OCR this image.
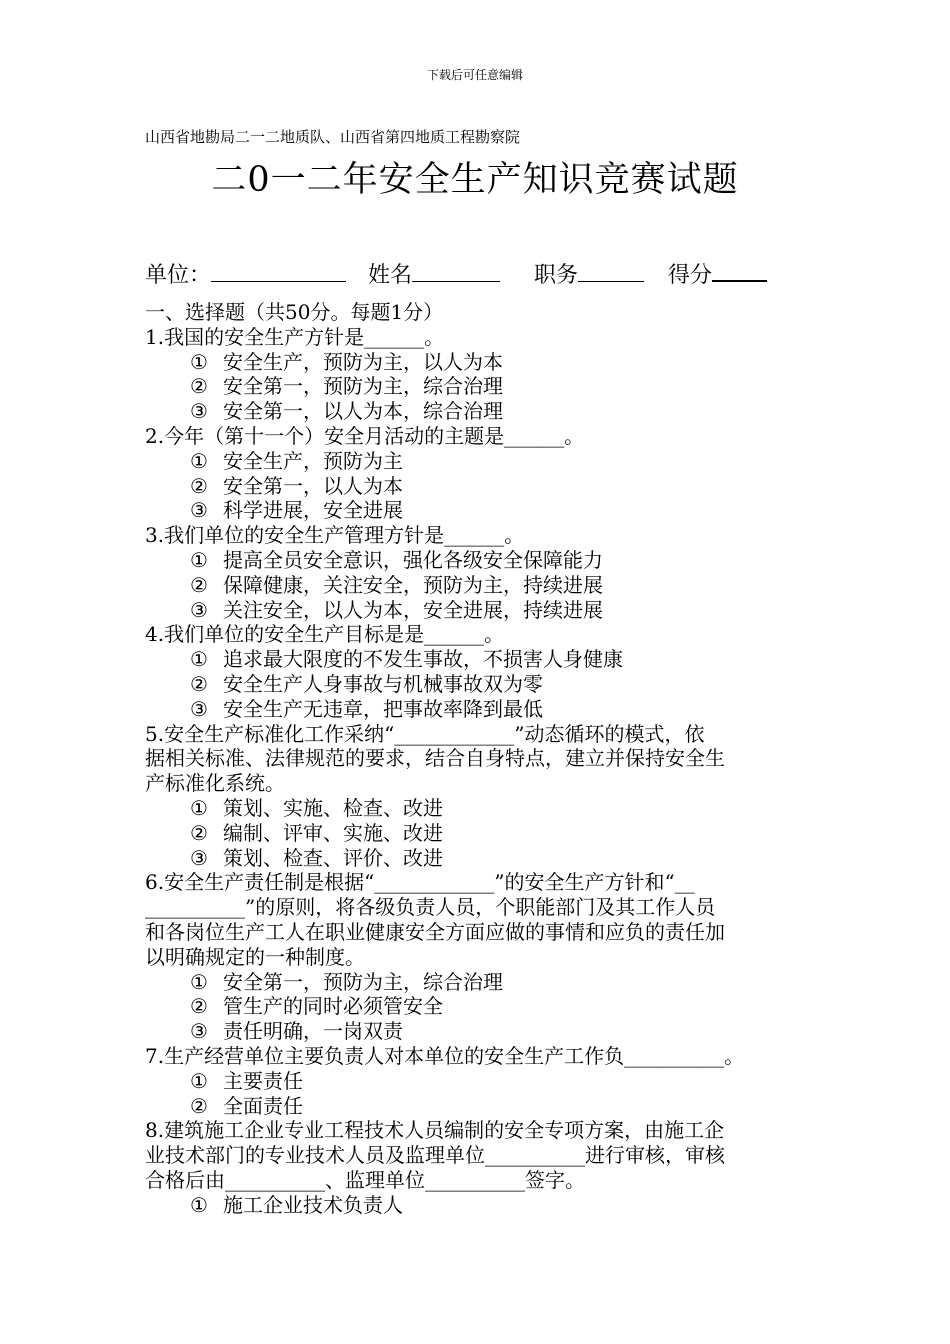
下载后可任意编辑
山西省地勘局二一二地质队、山西省第四地质工程勘察院
二0一二年安全生产知识竞赛试题
单位：	姓名	职务	得分
一、选择题（共50分。每题1分）
1.我国的安全生产方针是______。
① 安全生产，预防为主，以人为本
② 安全第一，预防为主，综合治理
③ 安全第一，以人为本，综合治理
2.今年（第十一个）安全月活动的主题是______。
① 安全生产，预防为主
② 安全第一，以人为本
③ 科学进展，安全进展
3.我们单位的安全生产管理方针是______。
① 提高全员安全意识，强化各级安全保障能力
② 保障健康，关注安全，预防为主，持续进展
③ 关注安全，以人为本，安全进展，持续进展
4.我们单位的安全生产目标是是______。
① 追求最大限度的不发生事故，不损害人身健康
② 安全生产人身事故与机械事故双为零
③ 安全生产无违章，把事故率降到最低
5.安全生产标准化工作采纳“____________”动态循环的模式，依
据相关标准、法律规范的要求，结合自身特点，建立并保持安全生
产标准化系统。
① 策划、实施、检查、改进
② 编制、评审、实施、改进
③ 策划、检查、评价、改进
6.安全生产责任制是根据“____________”的安全生产方针和“__
__________”的原则，将各级负责人员，个职能部门及其工作人员
和各岗位生产工人在职业健康安全方面应做的事情和应负的责任加
以明确规定的一种制度。
① 安全第一，预防为主，综合治理
② 管生产的同时必须管安全
③ 责任明确，一岗双责
7.生产经营单位主要负责人对本单位的安全生产工作负__________。
① 主要责任
② 全面责任
8.建筑施工企业专业工程技术人员编制的安全专项方案，由施工企
业技术部门的专业技术人员及监理单位__________进行审核，审核
合格后由__________、监理单位__________签字。
① 施工企业技术负责人
